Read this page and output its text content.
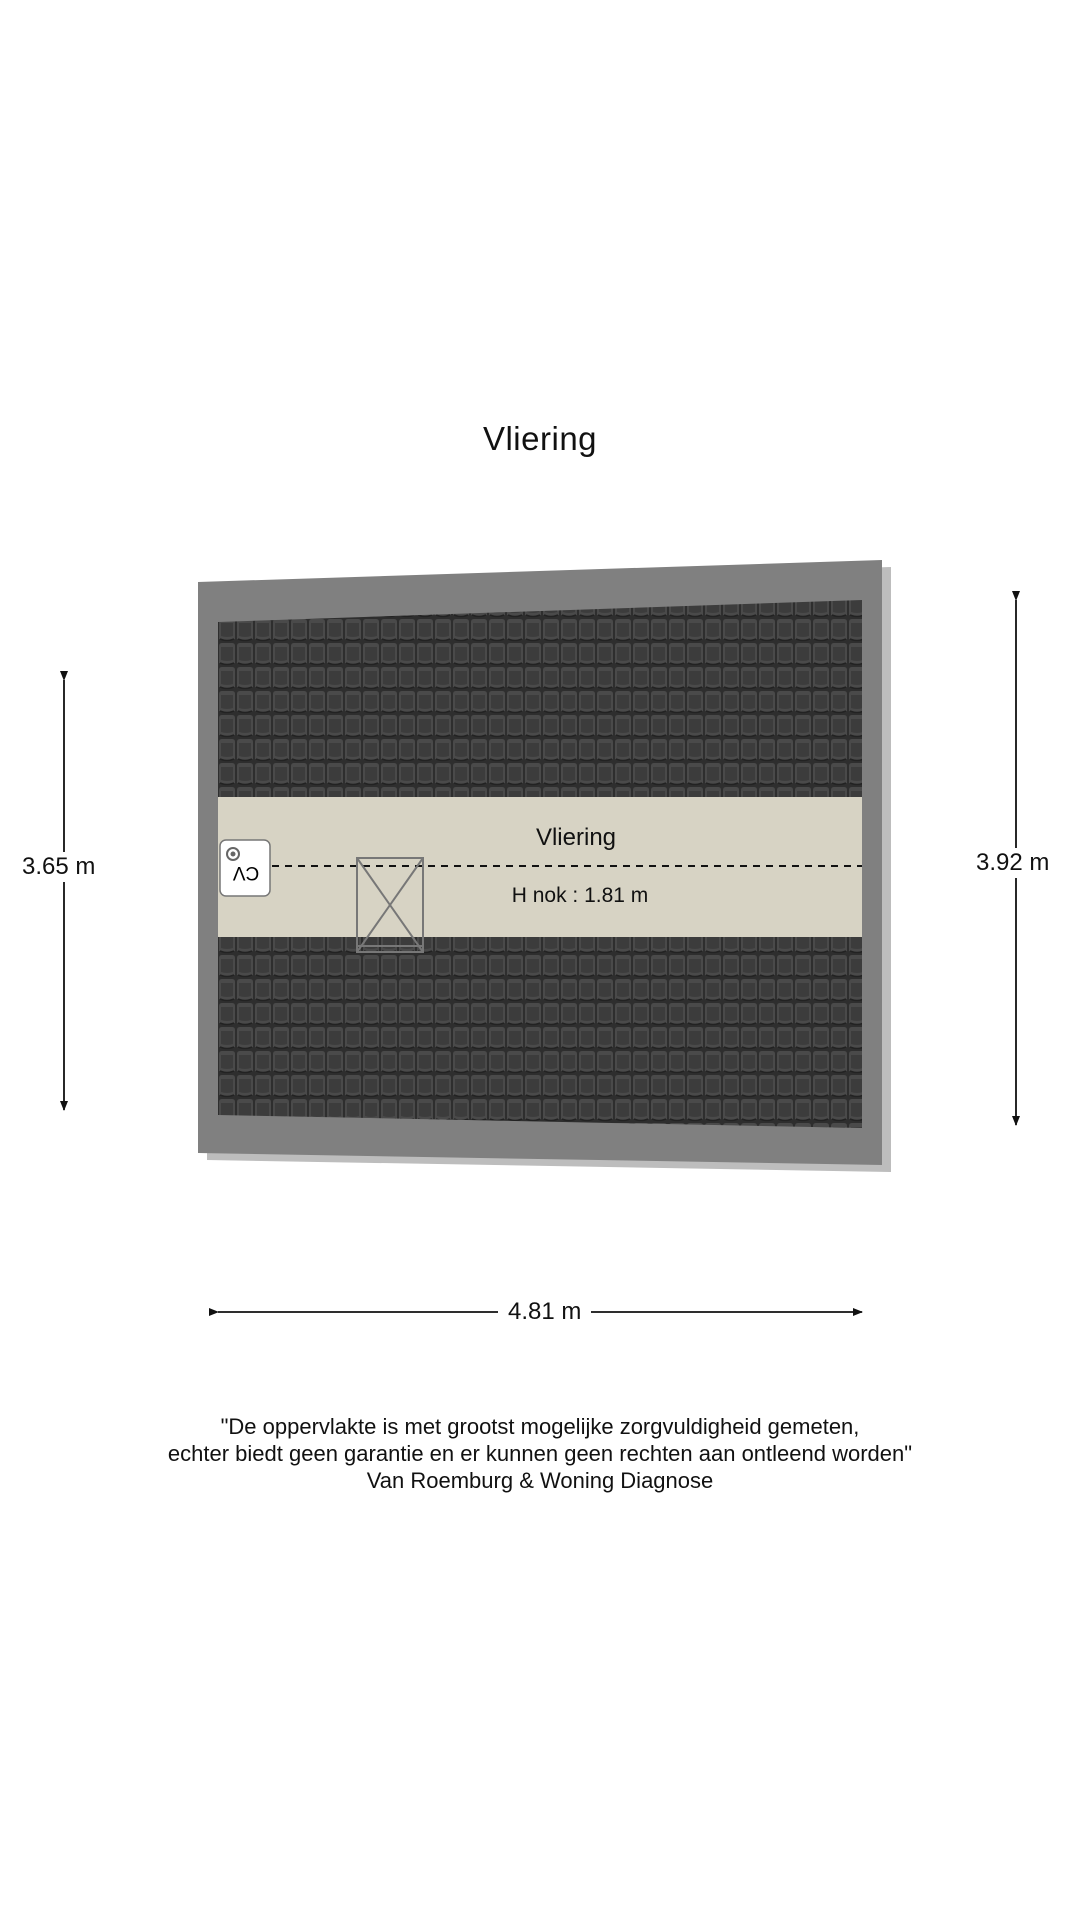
Vliering
CV
Vliering
H nok : 1.81 m
3.65 m	3.92 m
4.81 m
"De oppervlakte is met grootst mogelijke zorgvuldigheid gemeten,
echter biedt geen garantie en er kunnen geen rechten aan ontleend worden"
Van Roemburg & Woning Diagnose
